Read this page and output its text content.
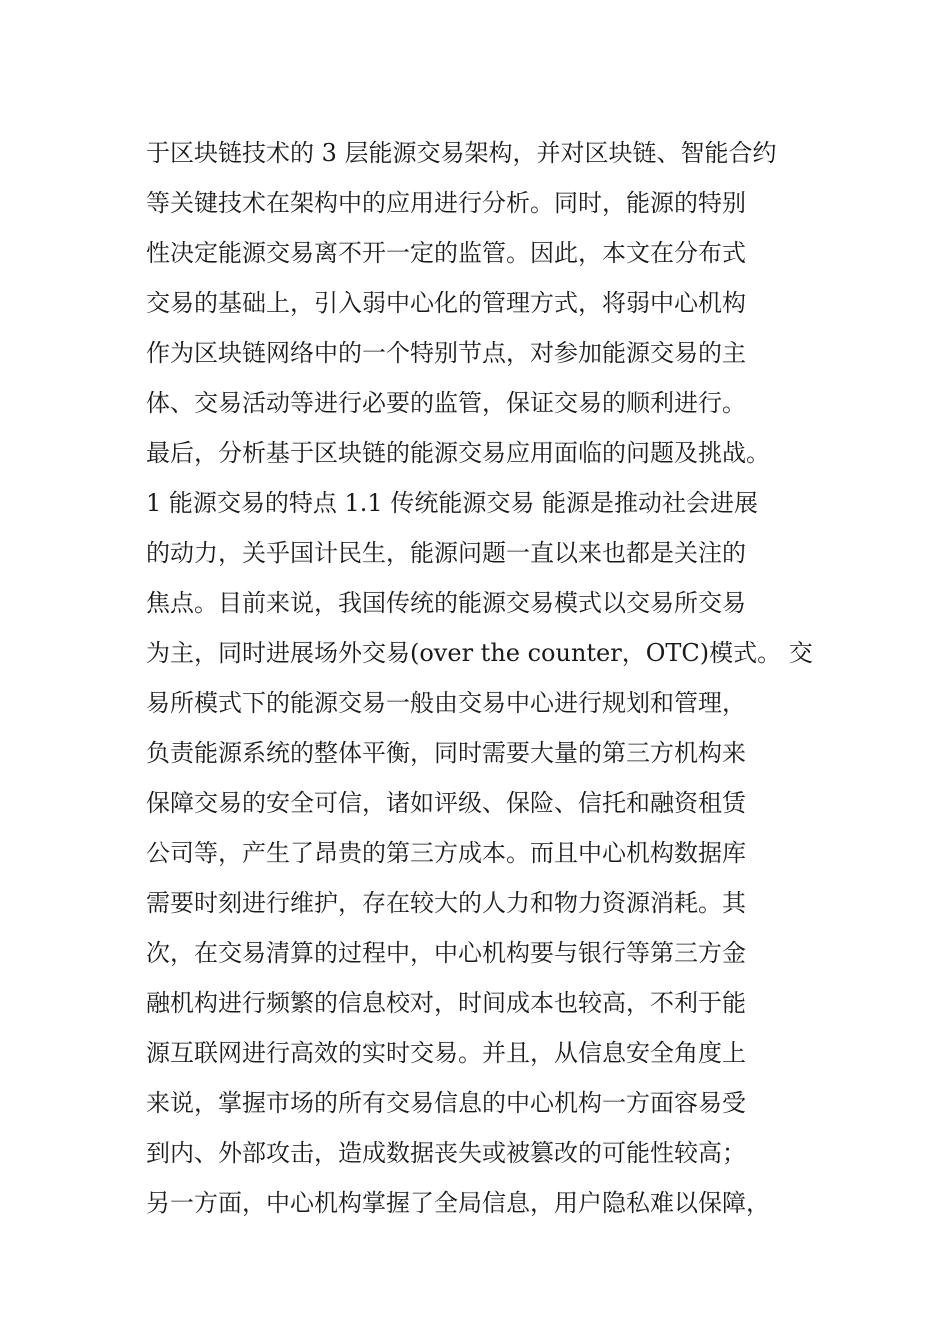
于区块链技术的 3 层能源交易架构，并对区块链、智能合约
等关键技术在架构中的应用进行分析。同时，能源的特别
性决定能源交易离不开一定的监管。因此，本文在分布式
交易的基础上，引入弱中心化的管理方式，将弱中心机构
作为区块链网络中的一个特别节点，对参加能源交易的主
体、交易活动等进行必要的监管，保证交易的顺利进行。
最后，分析基于区块链的能源交易应用面临的问题及挑战。
1 能源交易的特点 1.1 传统能源交易 能源是推动社会进展
的动力，关乎国计民生，能源问题一直以来也都是关注的
焦点。目前来说，我国传统的能源交易模式以交易所交易
为主，同时进展场外交易(over the counter，OTC)模式。 交
易所模式下的能源交易一般由交易中心进行规划和管理，
负责能源系统的整体平衡，同时需要大量的第三方机构来
保障交易的安全可信，诸如评级、保险、信托和融资租赁
公司等，产生了昂贵的第三方成本。而且中心机构数据库
需要时刻进行维护，存在较大的人力和物力资源消耗。其
次，在交易清算的过程中，中心机构要与银行等第三方金
融机构进行频繁的信息校对，时间成本也较高，不利于能
源互联网进行高效的实时交易。并且，从信息安全角度上
来说，掌握市场的所有交易信息的中心机构一方面容易受
到内、外部攻击，造成数据丧失或被篡改的可能性较高；
另一方面，中心机构掌握了全局信息，用户隐私难以保障，
